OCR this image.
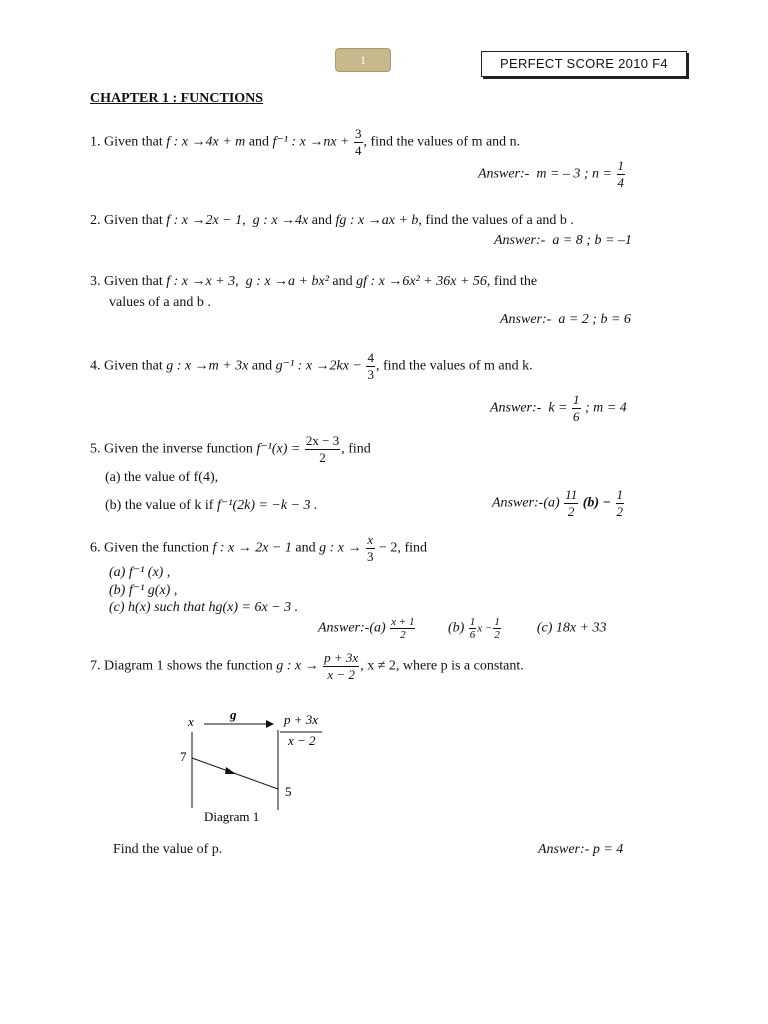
1	PERFECT SCORE 2010 F4
CHAPTER 1 : FUNCTIONS
1. Given that f : x →4x + m and f⁻¹ : $x \to nx + \frac{3}{4}$ , find the values of m and n.
Answer:- m = – 3 ; $n = \frac{1}{4}$
2. Given that f : x →2x − 1,  g : x →4x and fg : x →ax + b, find the values of a and b .
Answer:- a = 8 ; b = –1
3. Given that f : x →x + 3,  g : x →a + bx² and gf : x →6x² + 36x + 56, find the
values of a and b .
Answer:- a = 2 ; b = 6
4. Given that g : x →m + 3x and g⁻¹ : $x \to 2kx - \frac{4}{3}$ , find the values of m and k.
Answer:- $k = \frac{1}{6}$ ; m = 4
5. Given the inverse function $f^{-1}(x) = \frac{2x - 3}{2}$ , find
(a) the value of f(4),
(b) the value of k if f⁻¹(2k) = −k − 3 .	Answer:-(a) $\frac{11}{2} (b) - \frac{1}{2}$
6. Given the function f : x → 2x − 1 and g : $x \to \frac{x}{3} - 2$, find
(a) f⁻¹ (x) ,
(b) f⁻¹ g(x) ,
(c) h(x) such that hg(x) = 6x − 3 .
Answer:-(a) $\frac{x + 1}{2} (b) \frac{1}{6}$ $x - \frac{1}{2}$	(c) 18x + 33
7. Diagram 1 shows the function g : $x \to \frac{p + 3x}{x - 2}$ , x ≠ 2, where p is a constant.
x	g	p + 3x
x − 2
7
5
Diagram 1
Find the value of p.	Answer:- p = 4
